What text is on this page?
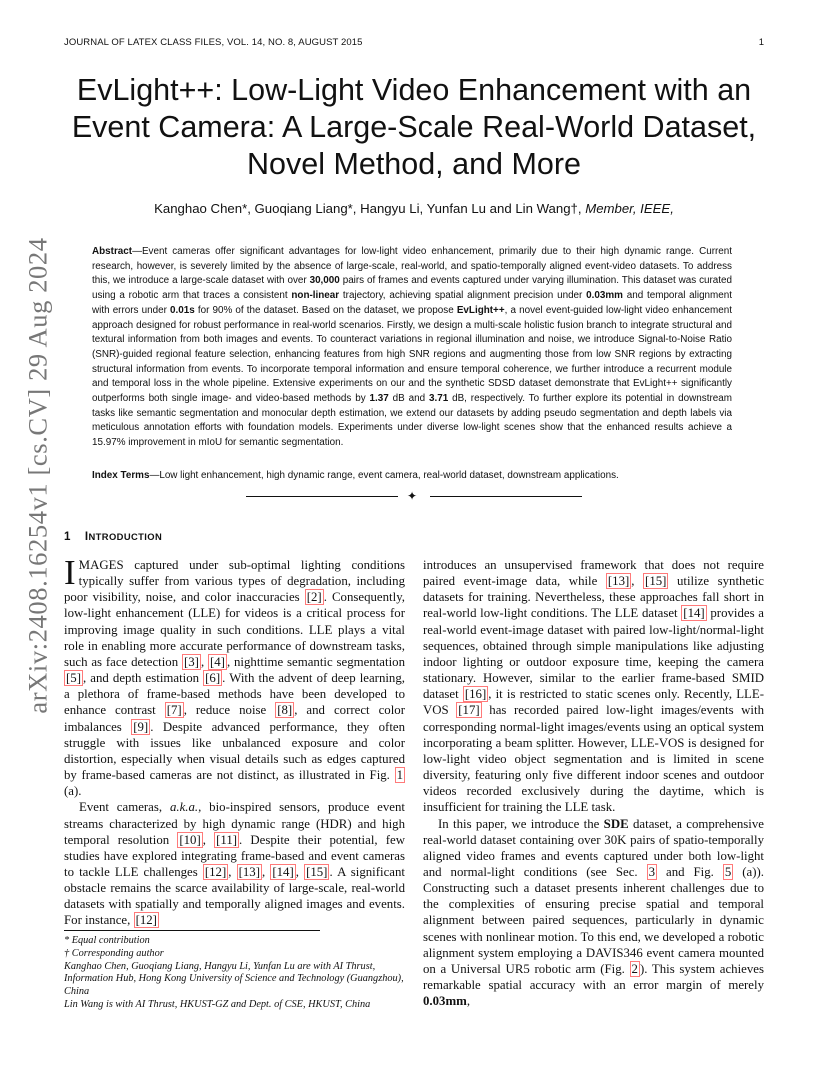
JOURNAL OF LATEX CLASS FILES, VOL. 14, NO. 8, AUGUST 2015	1
EvLight++: Low-Light Video Enhancement with an Event Camera: A Large-Scale Real-World Dataset, Novel Method, and More
Kanghao Chen*, Guoqiang Liang*, Hangyu Li, Yunfan Lu and Lin Wang†, Member, IEEE,
arXiv:2408.16254v1 [cs.CV] 29 Aug 2024	Abstract—Event cameras offer significant advantages for low-light video enhancement, primarily due to their high dynamic range. Current research, however, is severely limited by the absence of large-scale, real-world, and spatio-temporally aligned event-video datasets. To address this, we introduce a large-scale dataset with over 30,000 pairs of frames and events captured under varying illumination. This dataset was curated using a robotic arm that traces a consistent non-linear trajectory, achieving spatial alignment precision under 0.03mm and temporal alignment with errors under 0.01s for 90% of the dataset. Based on the dataset, we propose EvLight++, a novel event-guided low-light video enhancement approach designed for robust performance in real-world scenarios. Firstly, we design a multi-scale holistic fusion branch to integrate structural and textural information from both images and events. To counteract variations in regional illumination and noise, we introduce Signal-to-Noise Ratio (SNR)-guided regional feature selection, enhancing features from high SNR regions and augmenting those from low SNR regions by extracting structural information from events. To incorporate temporal information and ensure temporal coherence, we further introduce a recurrent module and temporal loss in the whole pipeline. Extensive experiments on our and the synthetic SDSD dataset demonstrate that EvLight++ significantly outperforms both single image- and video-based methods by 1.37 dB and 3.71 dB, respectively. To further explore its potential in downstream tasks like semantic segmentation and monocular depth estimation, we extend our datasets by adding pseudo segmentation and depth labels via meticulous annotation efforts with foundation models. Experiments under diverse low-light scenes show that the enhanced results achieve a 15.97% improvement in mIoU for semantic segmentation.

Index Terms—Low light enhancement, high dynamic range, event camera, real-world dataset, downstream applications.

✦
1 INTRODUCTION

IMAGES captured under sub-optimal lighting conditions typically suffer from various types of degradation, including poor visibility, noise, and color inaccuracies [2] . Consequently, low-light enhancement (LLE) for videos is a critical process for improving image quality in such conditions. LLE plays a vital role in enabling more accurate performance of downstream tasks, such as face detection [3] , [4] , nighttime semantic segmentation [5] , and depth estimation [6] . With the advent of deep learning, a plethora of frame-based methods have been developed to enhance contrast [7] , reduce noise [8] , and correct color imbalances [9] . Despite advanced performance, they often struggle with issues like unbalanced exposure and color distortion, especially when visual details such as edges captured by frame-based cameras are not distinct, as illustrated in Fig. 1 (a).

Event cameras, a.k.a., bio-inspired sensors, produce event streams characterized by high dynamic range (HDR) and high temporal resolution [10] , [11] . Despite their potential, few studies have explored integrating frame-based and event cameras to tackle LLE challenges [12] , [13] , [14] , [15] . A significant obstacle remains the scarce availability of large-scale, real-world datasets with spatially and temporally aligned images and events. For instance, [12]

introduces an unsupervised framework that does not require paired event-image data, while [13] , [15] utilize synthetic datasets for training. Nevertheless, these approaches fall short in real-world low-light conditions. The LLE dataset [14] provides a real-world event-image dataset with paired low-light/normal-light sequences, obtained through simple manipulations like adjusting indoor lighting or outdoor exposure time, keeping the camera stationary. However, similar to the earlier frame-based SMID dataset [16] , it is restricted to static scenes only. Recently, LLE-VOS [17] has recorded paired low-light images/events with corresponding normal-light images/events using an optical system incorporating a beam splitter. However, LLE-VOS is designed for low-light video object segmentation and is limited in scene diversity, featuring only five different indoor scenes and outdoor videos recorded exclusively during the daytime, which is insufficient for training the LLE task.

In this paper, we introduce the SDE dataset, a comprehensive real-world dataset containing over 30K pairs of spatio-temporally aligned video frames and events captured under both low-light and normal-light conditions (see Sec. 3 and Fig. 5 (a)). Constructing such a dataset presents inherent challenges due to the complexities of ensuring precise spatial and temporal alignment between paired sequences, particularly in dynamic scenes with nonlinear motion. To this end, we developed a robotic alignment system employing a DAVIS346 event camera mounted on a Universal UR5 robotic arm (Fig. 2 ). This system achieves remarkable spatial accuracy with an error margin of merely 0.03mm,

* Equal contribution

† Corresponding author

Kanghao Chen, Guoqiang Liang, Hangyu Li, Yunfan Lu are with AI Thrust, Information Hub, Hong Kong University of Science and Technology (Guangzhou), China

Lin Wang is with AI Thrust, HKUST-GZ and Dept. of CSE, HKUST, China
